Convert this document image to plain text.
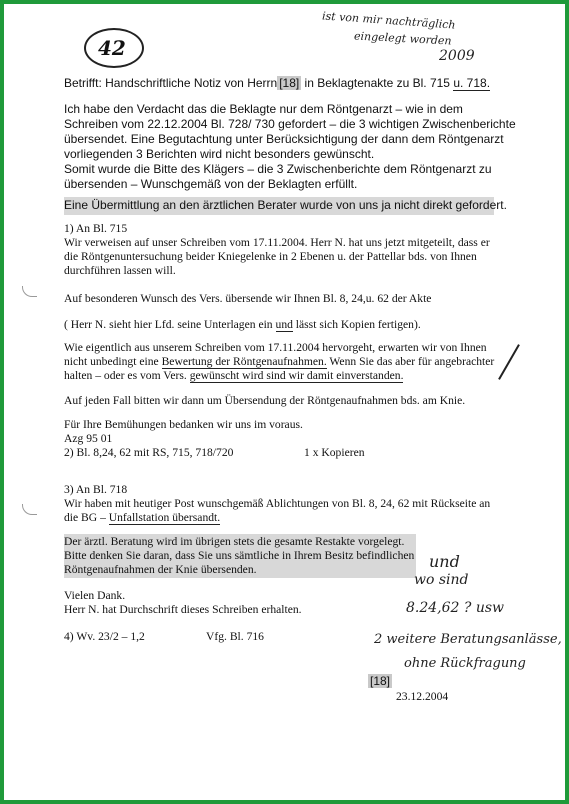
42
ist von mir nachträglich
eingelegt worden
2009
Betrifft: Handschriftliche Notiz von Herrn [18] in Beklagtenakte zu Bl. 715 u. 718.
Ich habe den Verdacht das die Beklagte nur dem Röntgenarzt – wie in dem
Schreiben vom 22.12.2004 Bl. 728/ 730 gefordert – die 3 wichtigen Zwischenberichte
übersendet. Eine Begutachtung unter Berücksichtigung der dann dem Röntgenarzt
vorliegenden 3 Berichten wird nicht besonders gewünscht.
Somit wurde die Bitte des Klägers – die 3 Zwischenberichte dem Röntgenarzt zu
übersenden – Wunschgemäß von der Beklagten erfüllt.
Eine Übermittlung an den ärztlichen Berater wurde von uns ja nicht direkt gefordert.
1) An Bl. 715
Wir verweisen auf unser Schreiben vom 17.11.2004. Herr N. hat uns jetzt mitgeteilt, dass er
die Röntgenuntersuchung beider Kniegelenke in 2 Ebenen u. der Pattellar bds. von Ihnen
durchführen lassen will.
Auf besonderen Wunsch des Vers. übersende wir Ihnen Bl. 8, 24,u. 62 der Akte
( Herr N. sieht hier Lfd. seine Unterlagen ein und lässt sich Kopien fertigen).
Wie eigentlich aus unserem Schreiben vom 17.11.2004 hervorgeht, erwarten wir von Ihnen
nicht unbedingt eine Bewertung der Röntgenaufnahmen. Wenn Sie das aber für angebrachter
halten – oder es vom Vers. gewünscht wird sind wir damit einverstanden.
Auf jeden Fall bitten wir dann um Übersendung der Röntgenaufnahmen bds. am Knie.
Für Ihre Bemühungen bedanken wir uns im voraus.
Azg 95 01
2) Bl. 8,24, 62 mit RS, 715, 718/720	1 x Kopieren
3) An Bl. 718
Wir haben mit heutiger Post wunschgemäß Ablichtungen von Bl. 8, 24, 62 mit Rückseite an
die BG – Unfallstation übersandt.
Der ärztl. Beratung wird im übrigen stets die gesamte Restakte vorgelegt.
Bitte denken Sie daran, dass Sie uns sämtliche in Ihrem Besitz befindlichen
Röntgenaufnahmen der Knie übersenden.
Vielen Dank.
Herr N. hat Durchschrift dieses Schreiben erhalten.
4) Wv. 23/2 – 1,2	Vfg. Bl. 716
und
wo sind
8.24,62 ? usw
2 weitere Beratungsanlässe,
ohne Rückfragung
[18]
23.12.2004
